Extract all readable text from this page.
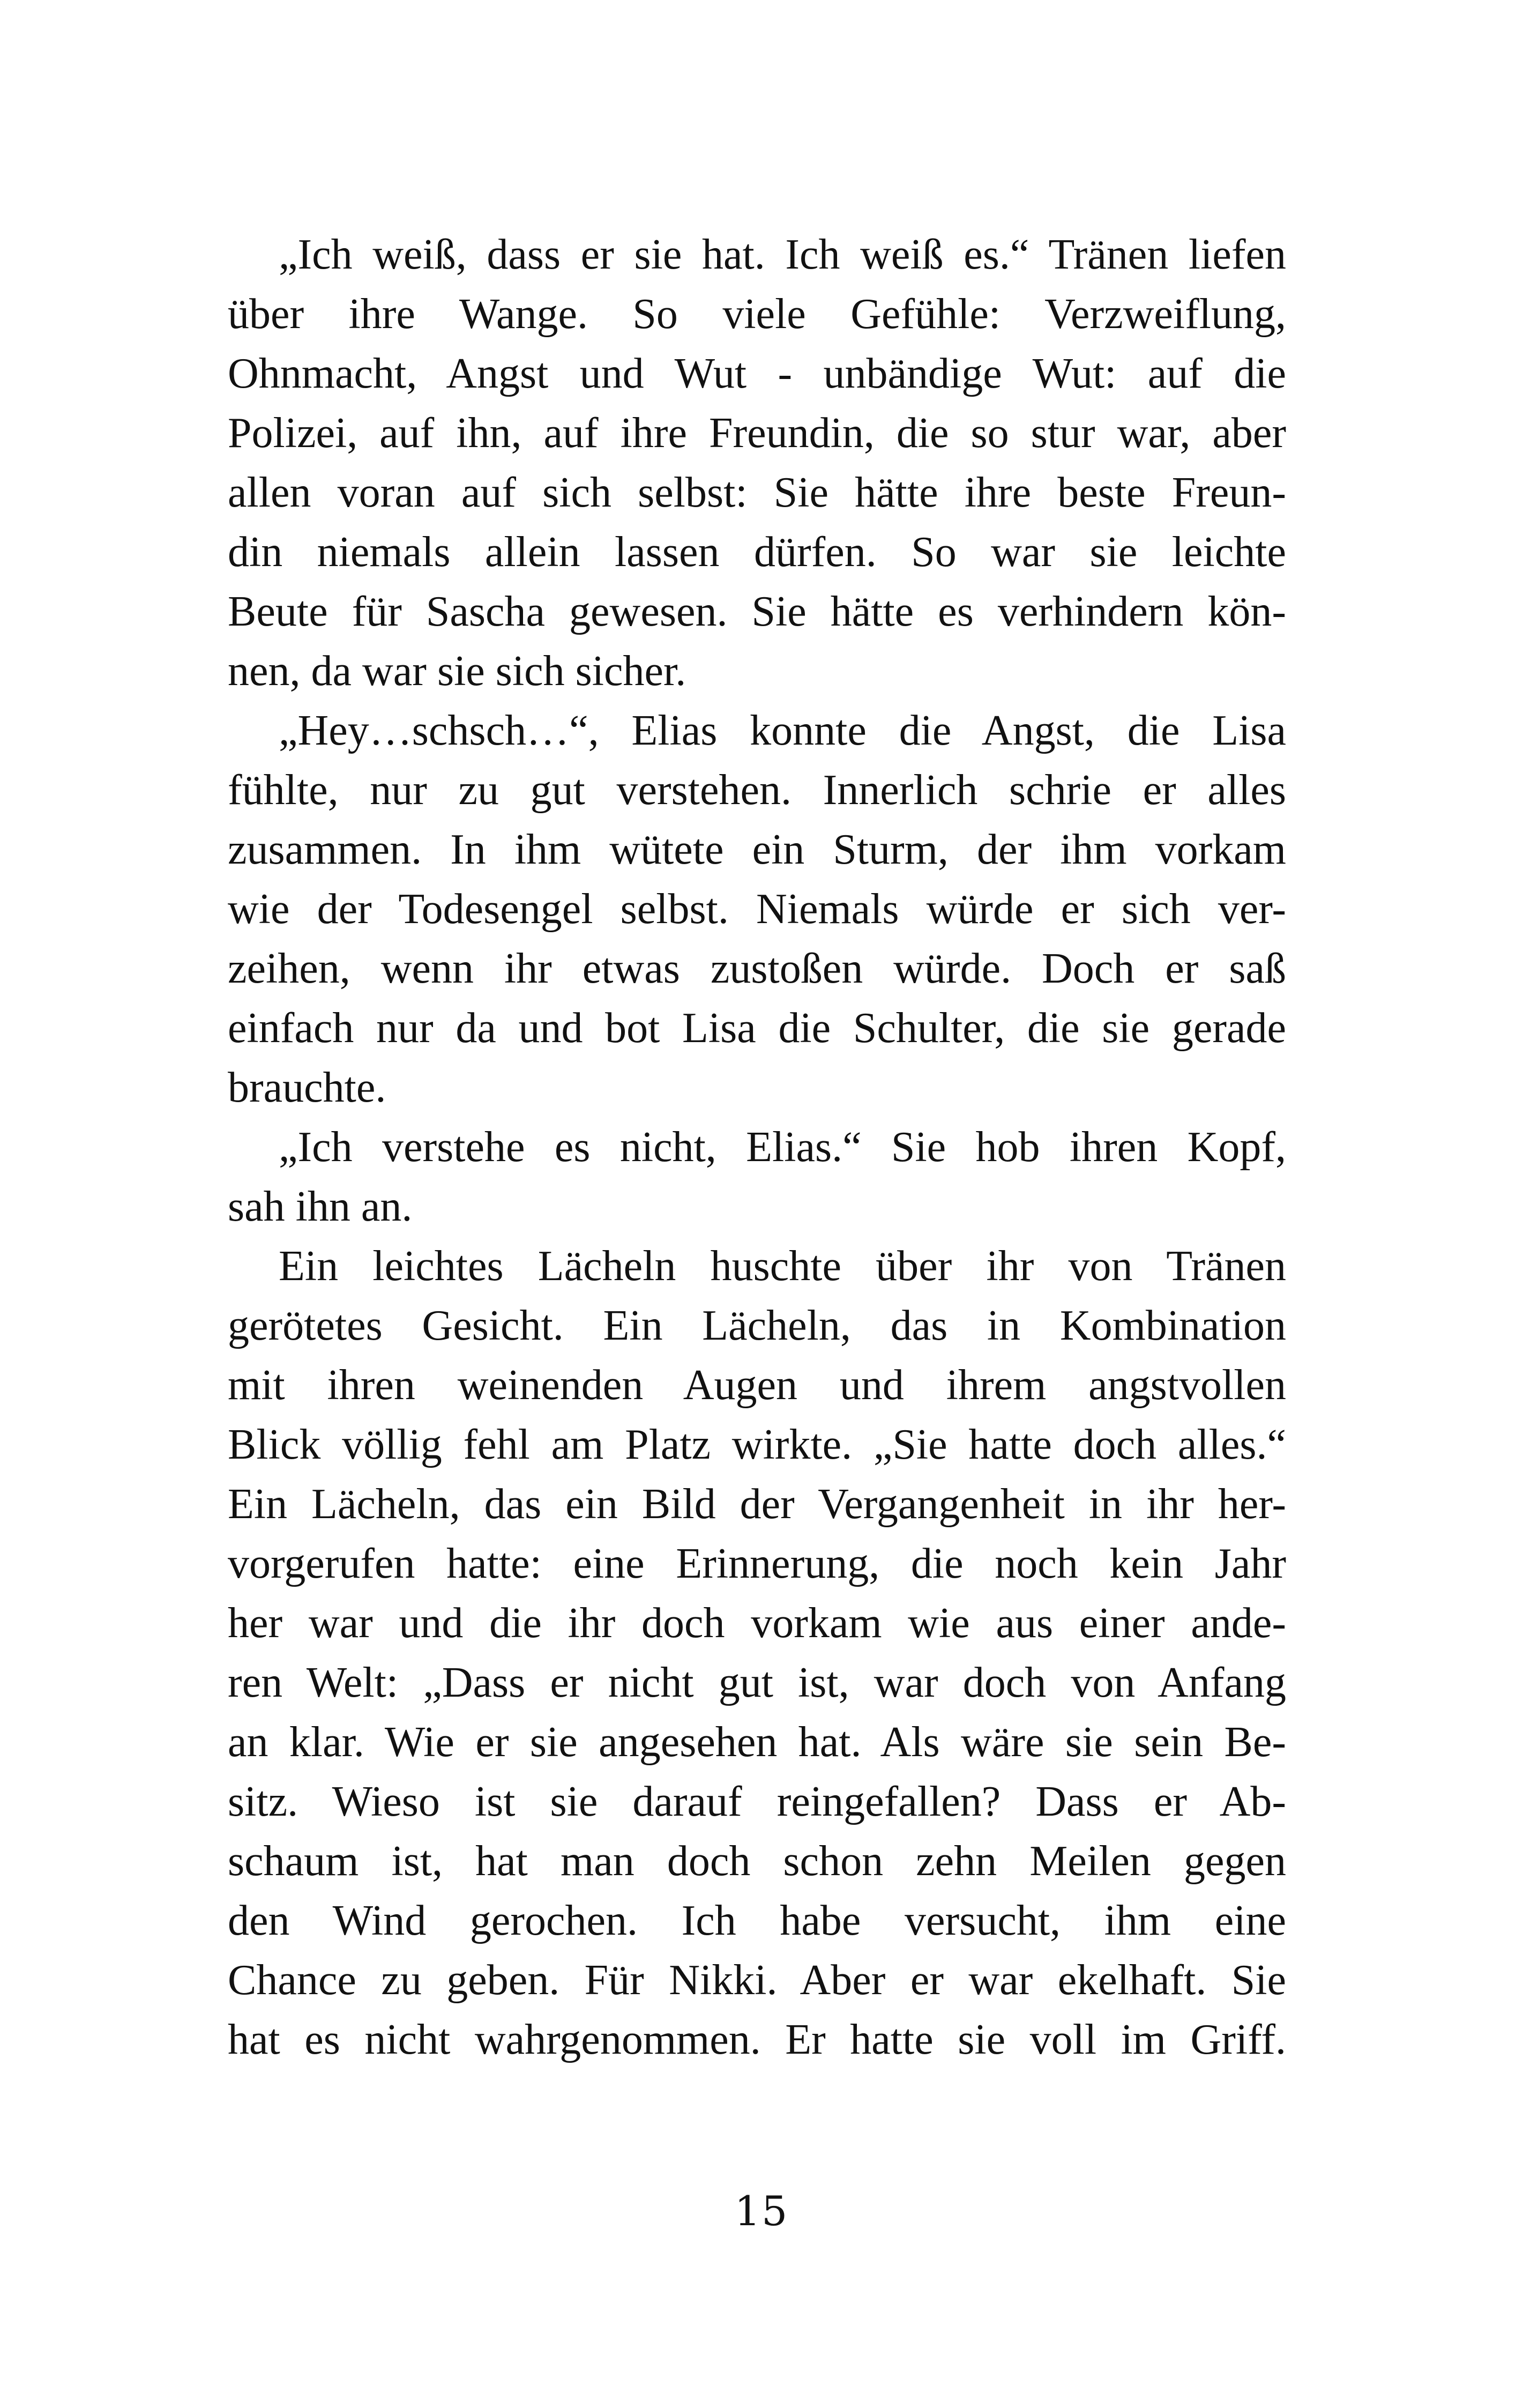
„Ich weiß, dass er sie hat. Ich weiß es.“ Tränen liefen
über ihre Wange. So viele Gefühle: Verzweiflung,
Ohnmacht, Angst und Wut - unbändige Wut: auf die
Polizei, auf ihn, auf ihre Freundin, die so stur war, aber
allen voran auf sich selbst: Sie hätte ihre beste Freun-
din niemals allein lassen dürfen. So war sie leichte
Beute für Sascha gewesen. Sie hätte es verhindern kön-
nen, da war sie sich sicher.

„Hey…schsch…“, Elias konnte die Angst, die Lisa
fühlte, nur zu gut verstehen. Innerlich schrie er alles
zusammen. In ihm wütete ein Sturm, der ihm vorkam
wie der Todesengel selbst. Niemals würde er sich ver-
zeihen, wenn ihr etwas zustoßen würde. Doch er saß
einfach nur da und bot Lisa die Schulter, die sie gerade
brauchte.

„Ich verstehe es nicht, Elias.“ Sie hob ihren Kopf,
sah ihn an.

Ein leichtes Lächeln huschte über ihr von Tränen
gerötetes Gesicht. Ein Lächeln, das in Kombination
mit ihren weinenden Augen und ihrem angstvollen
Blick völlig fehl am Platz wirkte. „Sie hatte doch alles.“
Ein Lächeln, das ein Bild der Vergangenheit in ihr her-
vorgerufen hatte: eine Erinnerung, die noch kein Jahr
her war und die ihr doch vorkam wie aus einer ande-
ren Welt: „Dass er nicht gut ist, war doch von Anfang
an klar. Wie er sie angesehen hat. Als wäre sie sein Be-
sitz. Wieso ist sie darauf reingefallen? Dass er Ab-
schaum ist, hat man doch schon zehn Meilen gegen
den Wind gerochen. Ich habe versucht, ihm eine
Chance zu geben. Für Nikki. Aber er war ekelhaft. Sie
hat es nicht wahrgenommen. Er hatte sie voll im Griff.

15
